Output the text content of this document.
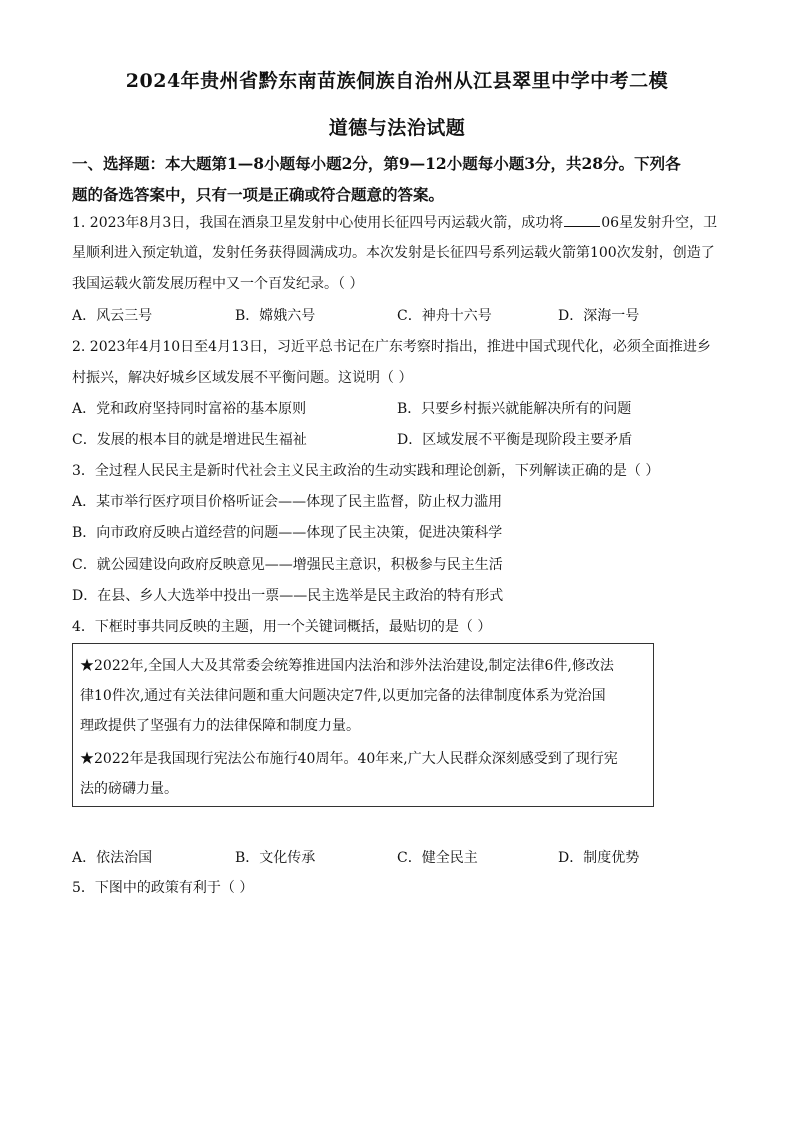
2024年贵州省黔东南苗族侗族自治州从江县翠里中学中考二模
道德与法治试题
一、选择题：本大题第1—8小题每小题2分，第9—12小题每小题3分，共28分。下列各
题的备选答案中，只有一项是正确或符合题意的答案。
1. 2023年8月3日，我国在酒泉卫星发射中心使用长征四号丙运载火箭，成功将	06星发射升空，卫
星顺利进入预定轨道，发射任务获得圆满成功。本次发射是长征四号系列运载火箭第100次发射，创造了
我国运载火箭发展历程中又一个百发纪录。（ ）
A．风云三号	B．嫦娥六号	C．神舟十六号	D．深海一号
2. 2023年4月10日至4月13日，习近平总书记在广东考察时指出，推进中国式现代化，必须全面推进乡
村振兴，解决好城乡区域发展不平衡问题。这说明（ ）
A．党和政府坚持同时富裕的基本原则	B．只要乡村振兴就能解决所有的问题
C．发展的根本目的就是增进民生福祉	D．区域发展不平衡是现阶段主要矛盾
3．全过程人民民主是新时代社会主义民主政治的生动实践和理论创新，下列解读正确的是（ ）
A．某市举行医疗项目价格听证会——体现了民主监督，防止权力滥用
B．向市政府反映占道经营的问题——体现了民主决策，促进决策科学
C．就公园建设向政府反映意见——增强民主意识，积极参与民主生活
D．在县、乡人大选举中投出一票——民主选举是民主政治的特有形式
4．下框时事共同反映的主题，用一个关键词概括，最贴切的是（ ）
★2022年,全国人大及其常委会统筹推进国内法治和涉外法治建设,制定法律6件,修改法
律10件次,通过有关法律问题和重大问题决定7件,以更加完备的法律制度体系为党治国
理政提供了坚强有力的法律保障和制度力量。
★2022年是我国现行宪法公布施行40周年。40年来,广大人民群众深刻感受到了现行宪
法的磅礴力量。
A．依法治国	B．文化传承	C．健全民主	D．制度优势
5．下图中的政策有利于（ ）
